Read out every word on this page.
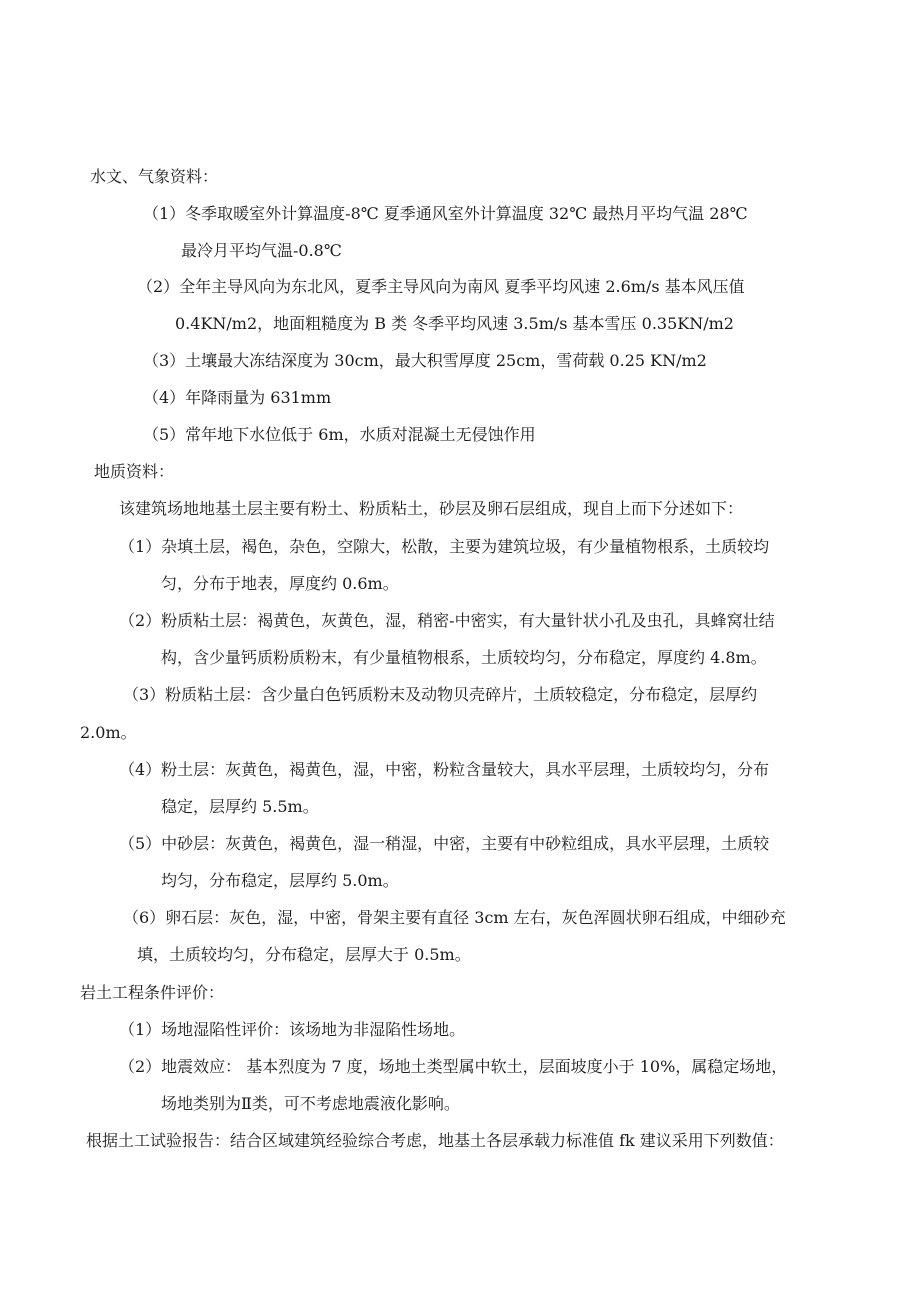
水文、气象资料：
（1）冬季取暖室外计算温度-8℃ 夏季通风室外计算温度 32℃ 最热月平均气温 28℃
最冷月平均气温-0.8℃
（2）全年主导风向为东北风，夏季主导风向为南风 夏季平均风速 2.6m/s 基本风压值
0.4KN/m2，地面粗糙度为 B 类 冬季平均风速 3.5m/s 基本雪压 0.35KN/m2
（3）土壤最大冻结深度为 30cm，最大积雪厚度 25cm，雪荷载 0.25 KN/m2
（4）年降雨量为 631mm
（5）常年地下水位低于 6m，水质对混凝土无侵蚀作用
地质资料：
该建筑场地地基土层主要有粉土、粉质粘土，砂层及卵石层组成，现自上而下分述如下：
（1）杂填土层，褐色，杂色，空隙大，松散，主要为建筑垃圾，有少量植物根系，土质较均
匀，分布于地表，厚度约 0.6m。
（2）粉质粘土层：褐黄色，灰黄色，湿，稍密-中密实，有大量针状小孔及虫孔，具蜂窝壮结
构，含少量钙质粉质粉末，有少量植物根系，土质较均匀，分布稳定，厚度约 4.8m。
（3）粉质粘土层：含少量白色钙质粉末及动物贝壳碎片，土质较稳定，分布稳定，层厚约
2.0m。
（4）粉土层：灰黄色，褐黄色，湿，中密，粉粒含量较大，具水平层理，土质较均匀，分布
稳定，层厚约 5.5m。
（5）中砂层：灰黄色，褐黄色，湿一稍湿，中密，主要有中砂粒组成，具水平层理，土质较
均匀，分布稳定，层厚约 5.0m。
（6）卵石层：灰色，湿，中密，骨架主要有直径 3cm 左右，灰色浑圆状卵石组成，中细砂充
填，土质较均匀，分布稳定，层厚大于 0.5m。
岩土工程条件评价：
（1）场地湿陷性评价：该场地为非湿陷性场地。
（2）地震效应： 基本烈度为 7 度，场地土类型属中软土，层面坡度小于 10%，属稳定场地，
场地类别为Ⅱ类，可不考虑地震液化影响。
根据土工试验报告：结合区域建筑经验综合考虑，地基土各层承载力标准值 fk 建议采用下列数值：
